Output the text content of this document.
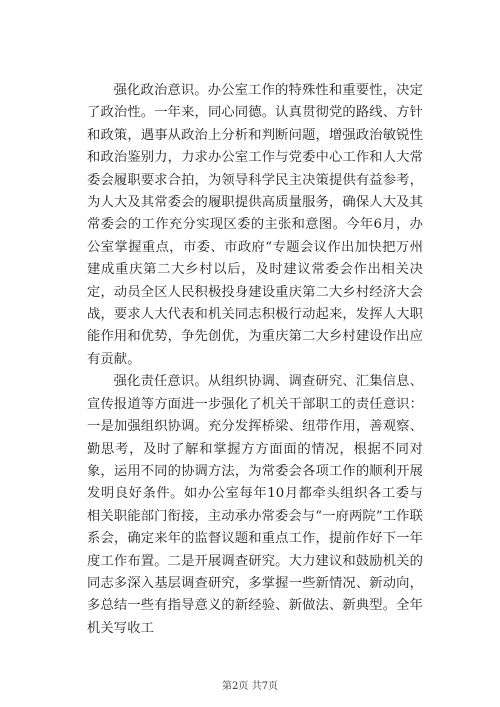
强化政治意识。办公室工作的特殊性和重要性，决定了政治性。一年来，同心同德。认真贯彻党的路线、方针和政策，遇事从政治上分析和判断问题，增强政治敏锐性和政治鉴别力，力求办公室工作与党委中心工作和人大常委会履职要求合拍，为领导科学民主决策提供有益参考，为人大及其常委会的履职提供高质量服务，确保人大及其常委会的工作充分实现区委的主张和意图。今年6月，办公室掌握重点，市委、市政府“专题会议作出加快把万州建成重庆第二大乡村以后，及时建议常委会作出相关决定，动员全区人民积极投身建设重庆第二大乡村经济大会战，要求人大代表和机关同志积极行动起来，发挥人大职能作用和优势，争先创优，为重庆第二大乡村建设作出应有贡献。

强化责任意识。从组织协调、调查研究、汇集信息、宣传报道等方面进一步强化了机关干部职工的责任意识：一是加强组织协调。充分发挥桥梁、纽带作用，善观察、勤思考，及时了解和掌握方方面面的情况，根据不同对象，运用不同的协调方法，为常委会各项工作的顺利开展发明良好条件。如办公室每年10月都牵头组织各工委与相关职能部门衔接，主动承办常委会与“一府两院”工作联系会，确定来年的监督议题和重点工作，提前作好下一年度工作布置。二是开展调查研究。大力建议和鼓励机关的同志多深入基层调查研究，多掌握一些新情况、新动向，多总结一些有指导意义的新经验、新做法、新典型。全年机关写收工

第2页 共7页
